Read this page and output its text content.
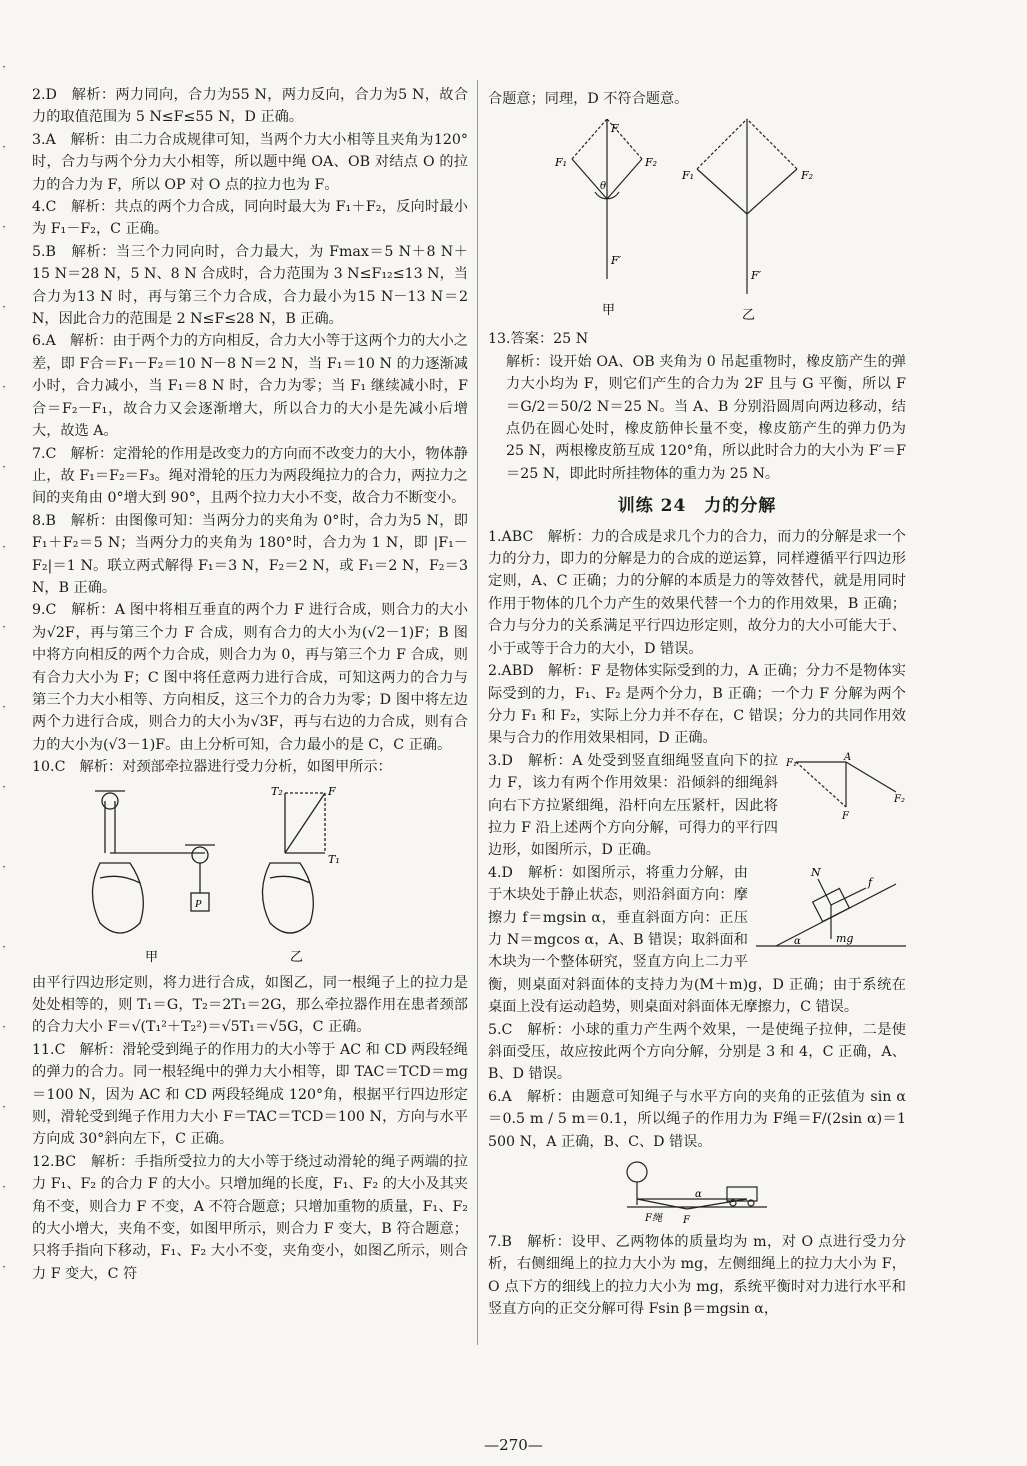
·
·
·
·
·
·
·
·
·
·
·
·
·
·
·
·

2.D　解析：两力同向，合力为55 N，两力反向，合力为5 N，故合力的取值范围为 5 N≤F≤55 N，D 正确。

3.A　解析：由二力合成规律可知，当两个力大小相等且夹角为120°时，合力与两个分力大小相等，所以题中绳 OA、OB 对结点 O 的拉力的合力为 F，所以 OP 对 O 点的拉力也为 F。

4.C　解析：共点的两个力合成，同向时最大为 F₁＋F₂，反向时最小为 F₁－F₂，C 正确。

5.B　解析：当三个力同向时，合力最大，为 Fmax＝5 N＋8 N＋15 N＝28 N，5 N、8 N 合成时，合力范围为 3 N≤F₁₂≤13 N，当合力为13 N 时，再与第三个力合成，合力最小为15 N－13 N＝2 N，因此合力的范围是 2 N≤F≤28 N，B 正确。

6.A　解析：由于两个力的方向相反，合力大小等于这两个力的大小之差，即 F合＝F₁－F₂＝10 N－8 N＝2 N，当 F₁＝10 N 的力逐渐减小时，合力减小，当 F₁＝8 N 时，合力为零；当 F₁ 继续减小时，F合＝F₂－F₁，故合力又会逐渐增大，所以合力的大小是先减小后增大，故选 A。

7.C　解析：定滑轮的作用是改变力的方向而不改变力的大小，物体静止，故 F₁＝F₂＝F₃。绳对滑轮的压力为两段绳拉力的合力，两拉力之间的夹角由 0°增大到 90°，且两个拉力大小不变，故合力不断变小。

8.B　解析：由图像可知：当两分力的夹角为 0°时，合力为5 N，即 F₁＋F₂＝5 N；当两分力的夹角为 180°时，合力为 1 N，即 |F₁－F₂|＝1 N。联立两式解得 F₁＝3 N，F₂＝2 N，或 F₁＝2 N，F₂＝3 N，B 正确。

9.C　解析：A 图中将相互垂直的两个力 F 进行合成，则合力的大小为√2F，再与第三个力 F 合成，则有合力的大小为(√2－1)F；B 图中将方向相反的两个力合成，则合力为 0，再与第三个力 F 合成，则有合力大小为 F；C 图中将任意两力进行合成，可知这两力的合力与第三个力大小相等、方向相反，这三个力的合力为零；D 图中将左边两个力进行合成，则合力的大小为√3F，再与右边的力合成，则有合力的大小为(√3－1)F。由上分析可知，合力最小的是 C，C 正确。

10.C　解析：对颈部牵拉器进行受力分析，如图甲所示：

P
甲
T₂	F
T₁
乙

由平行四边形定则，将力进行合成，如图乙，同一根绳子上的拉力是处处相等的，则 T₁＝G，T₂＝2T₁＝2G，那么牵拉器作用在患者颈部的合力大小 F＝√(T₁²＋T₂²)＝√5T₁＝√5G，C 正确。

11.C　解析：滑轮受到绳子的作用力的大小等于 AC 和 CD 两段轻绳的弹力的合力。同一根轻绳中的弹力大小相等，即 TAC＝TCD＝mg＝100 N，因为 AC 和 CD 两段轻绳成 120°角，根据平行四边形定则，滑轮受到绳子作用力大小 F＝TAC＝TCD＝100 N，方向与水平方向成 30°斜向左下，C 正确。

12.BC　解析：手指所受拉力的大小等于绕过动滑轮的绳子两端的拉力 F₁、F₂ 的合力 F 的大小。只增加绳的长度，F₁、F₂ 的大小及其夹角不变，则合力 F 不变，A 不符合题意；只增加重物的质量，F₁、F₂ 的大小增大，夹角不变，如图甲所示，则合力 F 变大，B 符合题意；只将手指向下移动，F₁、F₂ 大小不变，夹角变小，如图乙所示，则合力 F 变大，C 符

合题意；同理，D 不符合题意。

F
F₁	F₂
θ
F′
甲
F₁	F₂
F′
乙

13.答案：25 N

解析：设开始 OA、OB 夹角为 0 吊起重物时，橡皮筋产生的弹力大小均为 F，则它们产生的合力为 2F 且与 G 平衡，所以 F＝G/2＝50/2 N＝25 N。当 A、B 分别沿圆周向两边移动，结点仍在圆心处时，橡皮筋伸长量不变，橡皮筋产生的弹力仍为 25 N，两根橡皮筋互成 120°角，所以此时合力的大小为 F′＝F＝25 N，即此时所挂物体的重力为 25 N。

训练 24　力的分解

1.ABC　解析：力的合成是求几个力的合力，而力的分解是求一个力的分力，即力的分解是力的合成的逆运算，同样遵循平行四边形定则，A、C 正确；力的分解的本质是力的等效替代，就是用同时作用于物体的几个力产生的效果代替一个力的作用效果，B 正确；合力与分力的关系满足平行四边形定则，故分力的大小可能大于、小于或等于合力的大小，D 错误。

2.ABD　解析：F 是物体实际受到的力，A 正确；分力不是物体实际受到的力，F₁、F₂ 是两个分力，B 正确；一个力 F 分解为两个分力 F₁ 和 F₂，实际上分力并不存在，C 错误；分力的共同作用效果与合力的作用效果相同，D 正确。

A
F₁
F₂
F

3.D　解析：A 处受到竖直细绳竖直向下的拉力 F，该力有两个作用效果：沿倾斜的细绳斜向右下方拉紧细绳，沿杆向左压紧杆，因此将拉力 F 沿上述两个方向分解，可得力的平行四边形，如图所示，D 正确。

N
f
mg
α

4.D　解析：如图所示，将重力分解，由于木块处于静止状态，则沿斜面方向：摩擦力 f＝mgsin α，垂直斜面方向：正压力 N＝mgcos α，A、B 错误；取斜面和木块为一个整体研究，竖直方向上二力平衡，则桌面对斜面体的支持力为(M＋m)g，D 正确；由于系统在桌面上没有运动趋势，则桌面对斜面体无摩擦力，C 错误。

5.C　解析：小球的重力产生两个效果，一是使绳子拉伸，二是使斜面受压，故应按此两个方向分解，分别是 3 和 4，C 正确，A、B、D 错误。

6.A　解析：由题意可知绳子与水平方向的夹角的正弦值为 sin α＝0.5 m / 5 m＝0.1，所以绳子的作用力为 F绳＝F/(2sin α)＝1 500 N，A 正确，B、C、D 错误。

α
F绳 F

7.B　解析：设甲、乙两物体的质量均为 m，对 O 点进行受力分析，右侧细绳上的拉力大小为 mg，左侧细绳上的拉力大小为 F，O 点下方的细线上的拉力大小为 mg，系统平衡时对力进行水平和竖直方向的正交分解可得 Fsin β＝mgsin α，

—270—
